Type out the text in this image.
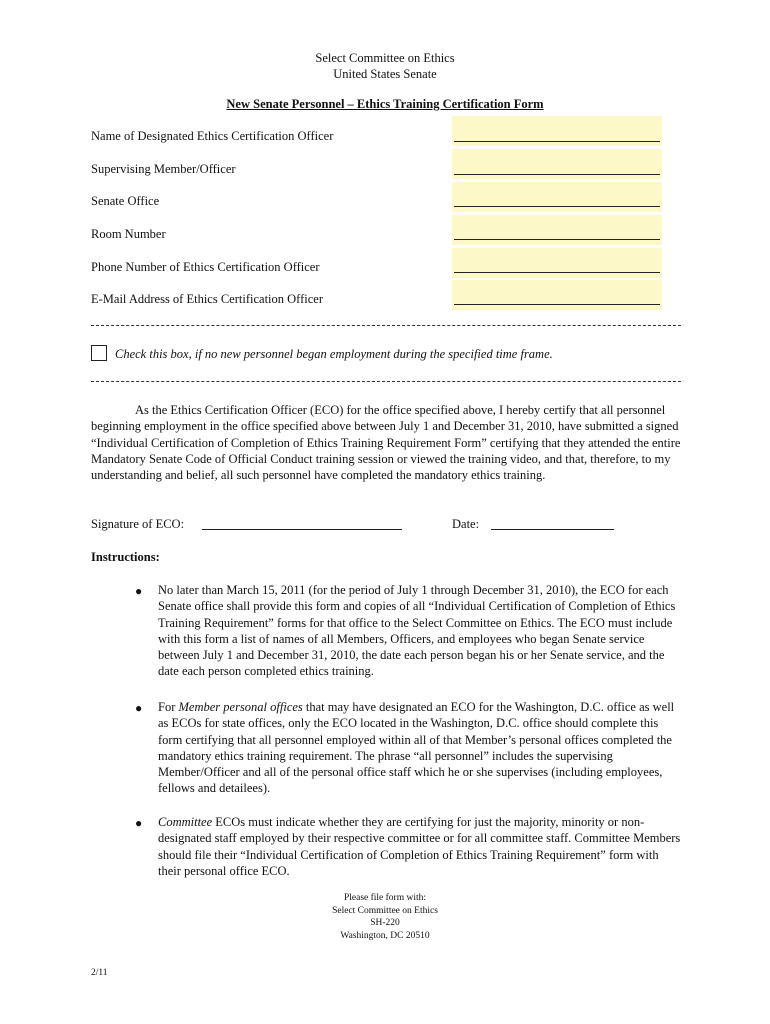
Select Committee on Ethics
United States Senate
New Senate Personnel – Ethics Training Certification Form
Name of Designated Ethics Certification Officer
Supervising Member/Officer
Senate Office
Room Number
Phone Number of Ethics Certification Officer
E-Mail Address of Ethics Certification Officer
Check this box, if no new personnel began employment during the specified time frame.
As the Ethics Certification Officer (ECO) for the office specified above, I hereby certify that all personnel beginning employment in the office specified above between July 1 and December 31, 2010, have submitted a signed “Individual Certification of Completion of Ethics Training Requirement Form” certifying that they attended the entire Mandatory Senate Code of Official Conduct training session or viewed the training video, and that, therefore, to my understanding and belief, all such personnel have completed the mandatory ethics training.
Signature of ECO:	Date:
Instructions:
● No later than March 15, 2011 (for the period of July 1 through December 31, 2010), the ECO for each Senate office shall provide this form and copies of all “Individual Certification of Completion of Ethics Training Requirement” forms for that office to the Select Committee on Ethics. The ECO must include with this form a list of names of all Members, Officers, and employees who began Senate service between July 1 and December 31, 2010, the date each person began his or her Senate service, and the date each person completed ethics training.
● For Member personal offices that may have designated an ECO for the Washington, D.C. office as well as ECOs for state offices, only the ECO located in the Washington, D.C. office should complete this form certifying that all personnel employed within all of that Member’s personal offices completed the mandatory ethics training requirement. The phrase “all personnel” includes the supervising Member/Officer and all of the personal office staff which he or she supervises (including employees, fellows and detailees).
● Committee ECOs must indicate whether they are certifying for just the majority, minority or non-designated staff employed by their respective committee or for all committee staff. Committee Members should file their “Individual Certification of Completion of Ethics Training Requirement” form with their personal office ECO.
Please file form with:
Select Committee on Ethics
SH-220
Washington, DC 20510
2/11
